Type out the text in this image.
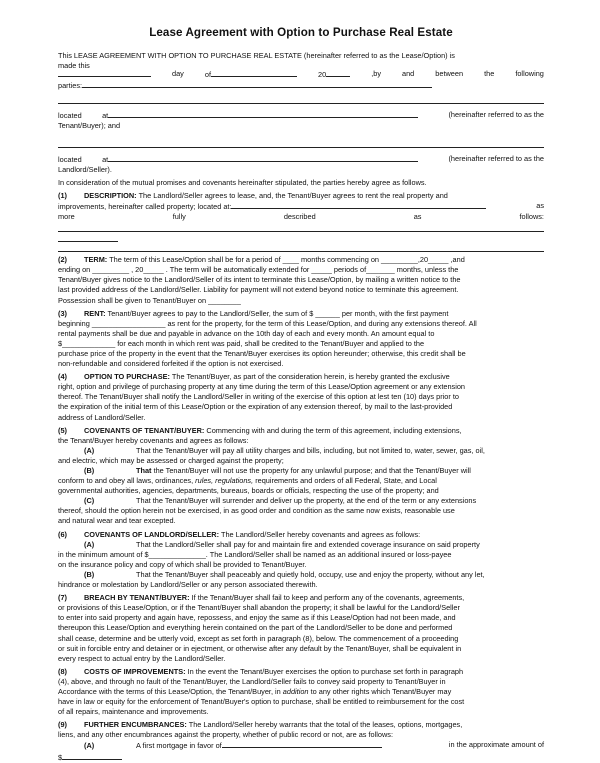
Lease Agreement with Option to Purchase Real Estate

This LEASE AGREEMENT WITH OPTION TO PURCHASE REAL ESTATE (hereinafter referred to as the Lease/Option) is

made this
day	of	20	,by	and	between	the	following
parties:
located	at	(hereinafter referred to as the
Tenant/Buyer); and
located	at	(hereinafter referred to as the
Landlord/Seller).

In consideration of the mutual promises and covenants hereinafter stipulated, the parties hereby agree as follows.

(1) DESCRIPTION: The Landlord/Seller agrees to lease, and, the Tenant/Buyer agrees to rent the real property and

improvements, hereinafter called property; located at:	as
more	fully	described	as	follows:

(2) TERM: The term of this Lease/Option shall be for a period of ____ months commencing on _________,20_____ ,and

ending on _________ , 20_____ . The term will be automatically extended for _____ periods of_______ months, unless the

Tenant/Buyer gives notice to the Landlord/Seller of its intent to terminate this Lease/Option, by mailing a written notice to the

last provided address of the Landlord/Seller. Liability for payment will not extend beyond notice to terminate this agreement.

Possession shall be given to Tenant/Buyer on ________

(3) RENT: Tenant/Buyer agrees to pay to the Landlord/Seller, the sum of $ ______ per month, with the first payment

beginning __________________ as rent for the property, for the term of this Lease/Option, and during any extensions thereof. All

rental payments shall be due and payable in advance on the 10th day of each and every month. An amount equal to

$_____________ for each month in which rent was paid, shall be credited to the Tenant/Buyer and applied to the

purchase price of the property in the event that the Tenant/Buyer exercises its option hereunder; otherwise, this credit shall be

non-refundable and considered forfeited if the option is not exercised.

(4) OPTION TO PURCHASE: The Tenant/Buyer, as part of the consideration herein, is hereby granted the exclusive

right, option and privilege of purchasing property at any time during the term of this Lease/Option agreement or any extension

thereof. The Tenant/Buyer shall notify the Landlord/Seller in writing of the exercise of this option at lest ten (10) days prior to

the expiration of the initial term of this Lease/Option or the expiration of any extension thereof, by mail to the last-provided

address of Landlord/Seller.

(5) COVENANTS OF TENANT/BUYER: Commencing with and during the term of this agreement, including extensions,

the Tenant/Buyer hereby covenants and agrees as follows:

(A)	That the Tenant/Buyer will pay all utility charges and bills, including, but not limited to, water, sewer, gas, oil,

and electric, which may be assessed or charged against the property;

(B)	That the Tenant/Buyer will not use the property for any unlawful purpose; and that the Tenant/Buyer will

conform to and obey all laws, ordinances, rules, regulations, requirements and orders of all Federal, State, and Local

governmental authorities, agencies, departments, bureaus, boards or officials, respecting the use of the property; and

(C)	That the Tenant/Buyer will surrender and deliver up the property, at the end of the term or any extensions

thereof, should the option herein not be exercised, in as good order and condition as the same now exists, reasonable use

and natural wear and tear excepted.

(6) COVENANTS OF LANDLORD/SELLER: The Landlord/Seller hereby covenants and agrees as follows:

(A)	That the Landlord/Seller shall pay for and maintain fire and extended coverage insurance on said property

in the minimum amount of $______________. The Landlord/Seller shall be named as an additional insured or loss-payee

on the insurance policy and copy of which shall be provided to Tenant/Buyer.

(B)	That the Tenant/Buyer shall peaceably and quietly hold, occupy, use and enjoy the property, without any let,

hindrance or molestation by Landlord/Seller or any person associated therewith.

(7) BREACH BY TENANT/BUYER: If the Tenant/Buyer shall fail to keep and perform any of the covenants, agreements,

or provisions of this Lease/Option, or if the Tenant/Buyer shall abandon the property; it shall be lawful for the Landlord/Seller

to enter into said property and again have, repossess, and enjoy the same as if this Lease/Option had not been made, and

thereupon this Lease/Option and everything herein contained on the part of the Landlord/Seller to be done and performed

shall cease, determine and be utterly void, except as set forth in paragraph (8), below. The commencement of a proceeding

or suit in forcible entry and detainer or in ejectment, or otherwise after any default by the Tenant/Buyer, shall be equivalent in

every respect to actual entry by the Landlord/Seller.

(8) COSTS OF IMPROVEMENTS: In the event the Tenant/Buyer exercises the option to purchase set forth in paragraph

(4), above, and through no fault of the Tenant/Buyer, the Landlord/Seller fails to convey said property to Tenant/Buyer in

Accordance with the terms of this Lease/Option, the Tenant/Buyer, in addition to any other rights which Tenant/Buyer may

have in law or equity for the enforcement of Tenant/Buyer's option to purchase, shall be entitled to reimbursement for the cost

of all repairs, maintenance and improvements.

(9) FURTHER ENCUMBRANCES: The Landlord/Seller hereby warrants that the total of the leases, options, mortgages,

liens, and any other encumbrances against the property, whether of public record or not, are as follows:

(A)	A first mortgage in favor of	in the approximate amount of
$
